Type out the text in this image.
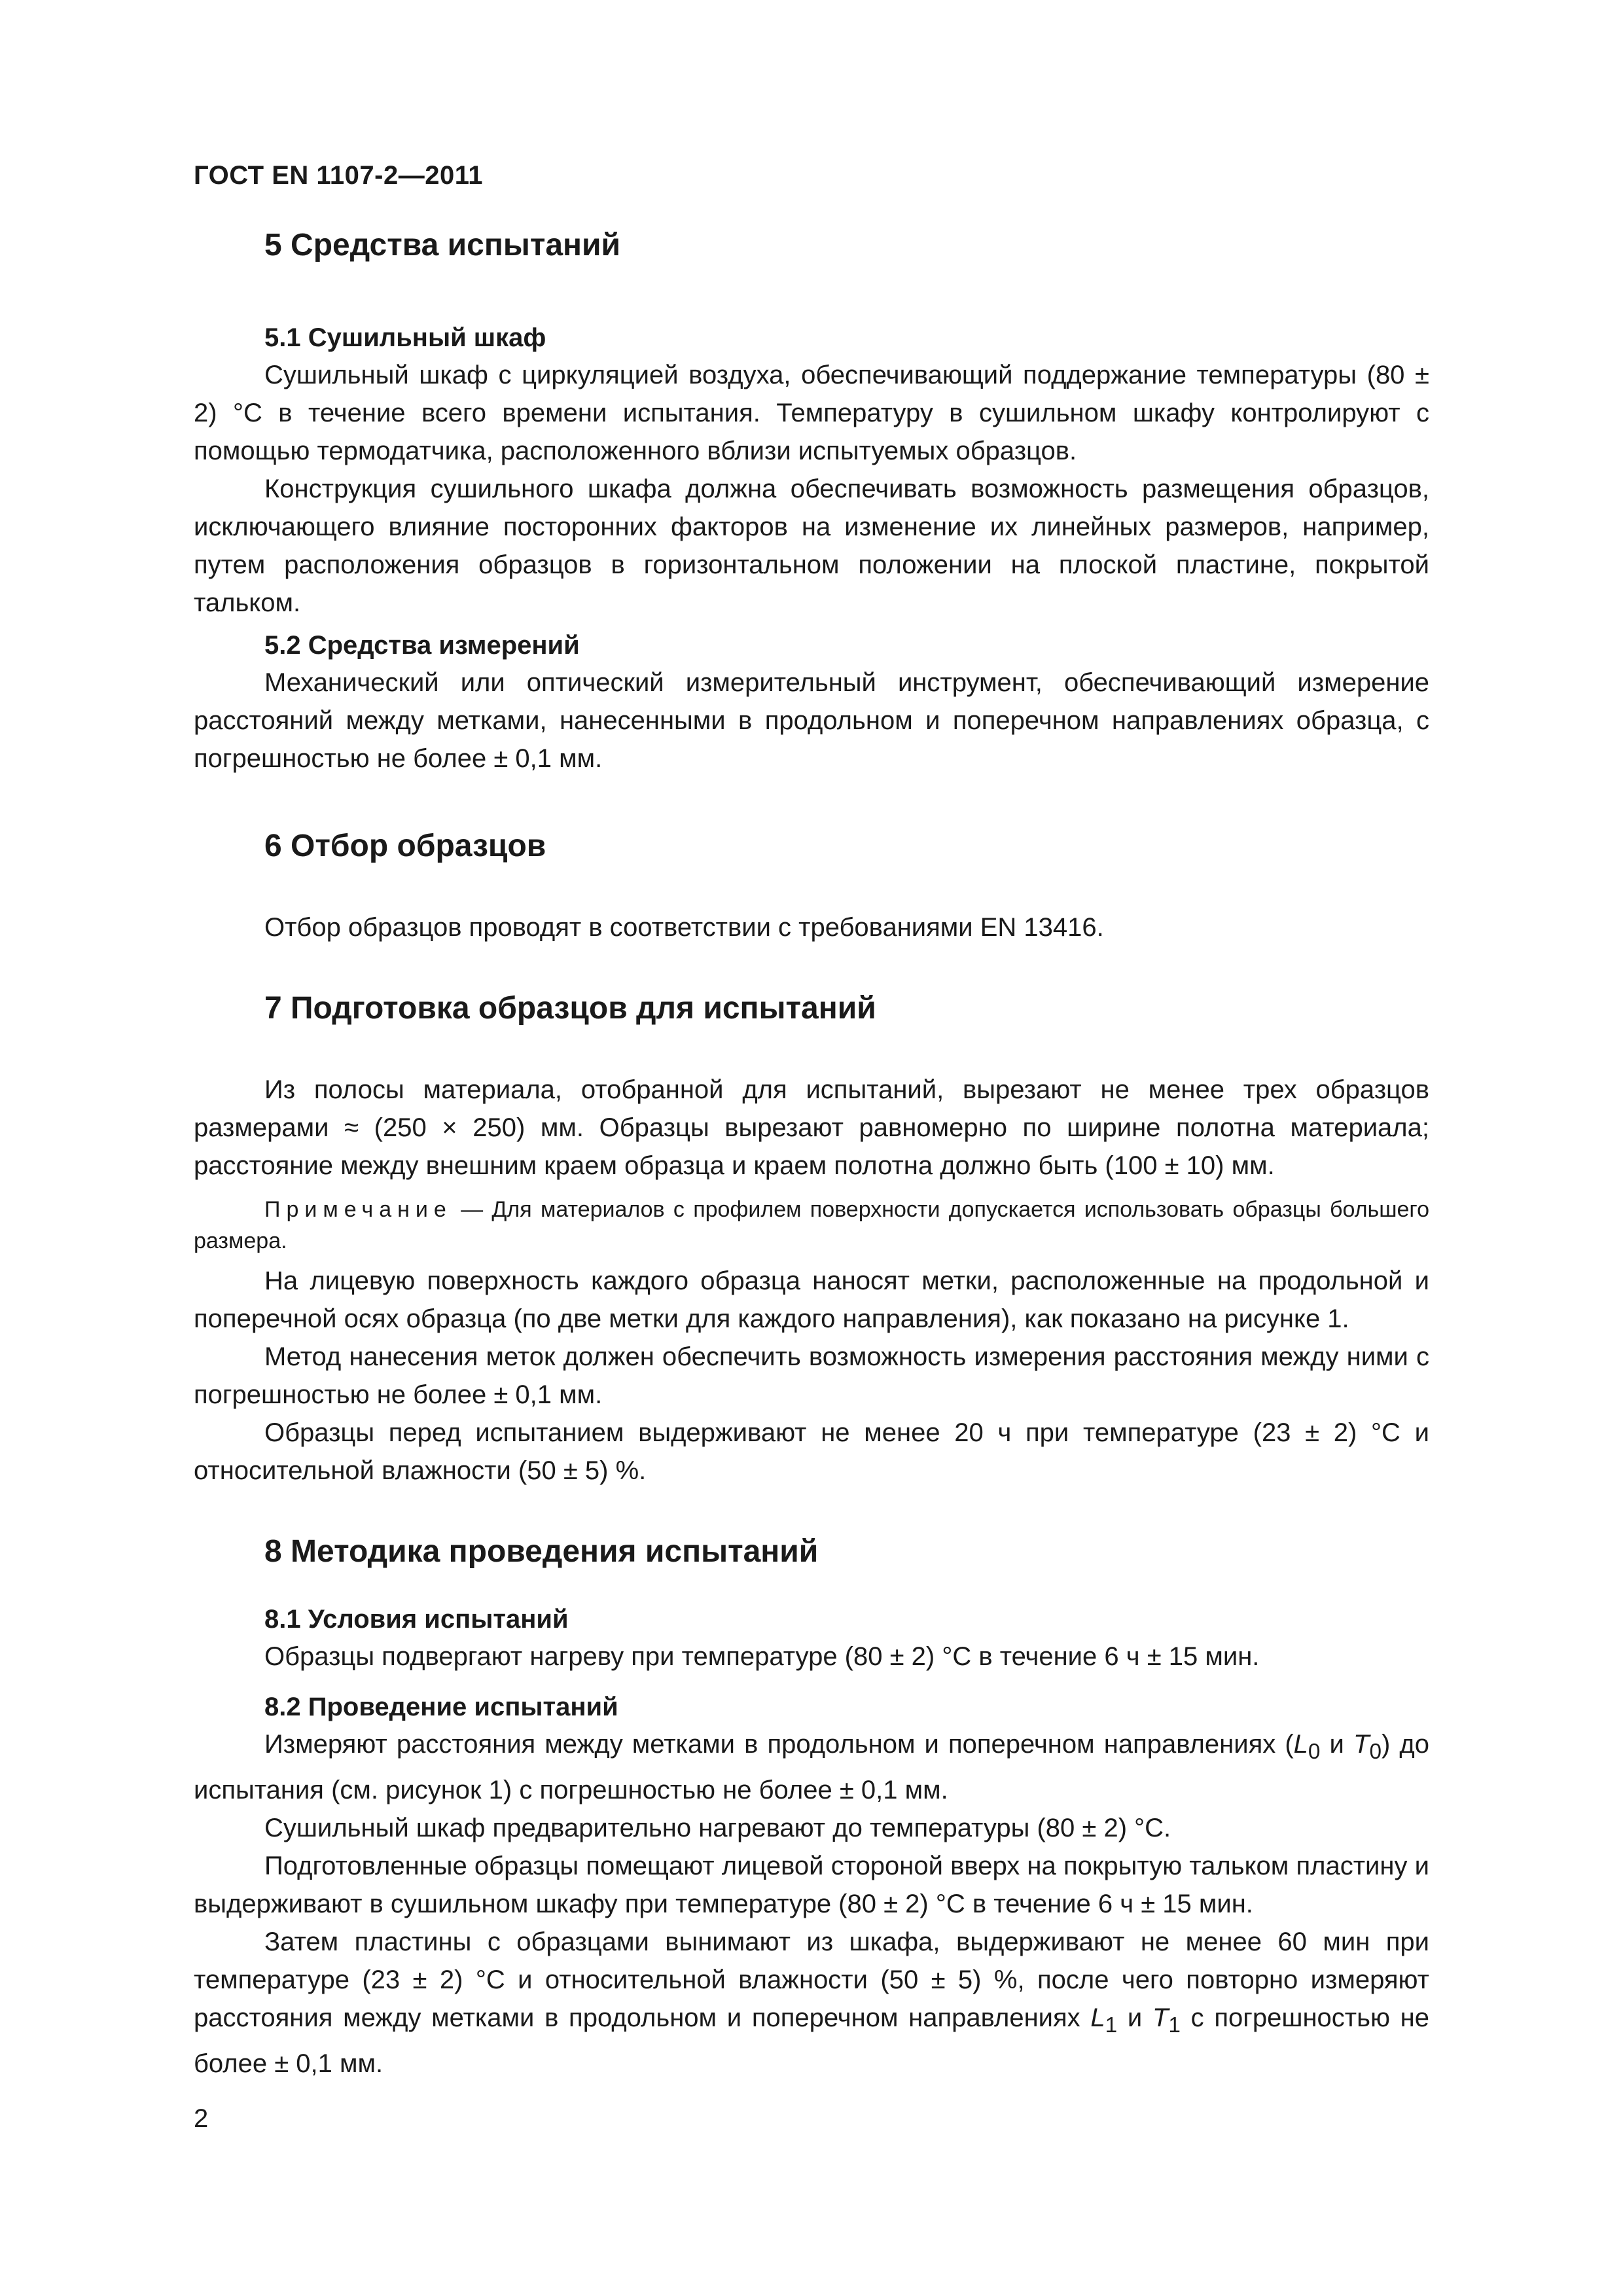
ГОСТ EN 1107-2—2011
5 Средства испытаний
5.1 Сушильный шкаф

Сушильный шкаф с циркуляцией воздуха, обеспечивающий поддержание температуры (80 ± 2) °С в течение всего времени испытания. Температуру в сушильном шкафу контролируют с помощью термодатчика, расположенного вблизи испытуемых образцов.

Конструкция сушильного шкафа должна обеспечивать возможность размещения образцов, исключающего влияние посторонних факторов на изменение их линейных размеров, например, путем расположения образцов в горизонтальном положении на плоской пластине, покрытой тальком.

5.2 Средства измерений

Механический или оптический измерительный инструмент, обеспечивающий измерение расстояний между метками, нанесенными в продольном и поперечном направлениях образца, с погрешностью не более ± 0,1 мм.

6 Отбор образцов

Отбор образцов проводят в соответствии с требованиями EN 13416.

7 Подготовка образцов для испытаний

Из полосы материала, отобранной для испытаний, вырезают не менее трех образцов размерами ≈ (250 × 250) мм. Образцы вырезают равномерно по ширине полотна материала; расстояние между внешним краем образца и краем полотна должно быть (100 ± 10) мм.

Примечание — Для материалов с профилем поверхности допускается использовать образцы большего размера.

На лицевую поверхность каждого образца наносят метки, расположенные на продольной и поперечной осях образца (по две метки для каждого направления), как показано на рисунке 1.

Метод нанесения меток должен обеспечить возможность измерения расстояния между ними с погрешностью не более ± 0,1 мм.

Образцы перед испытанием выдерживают не менее 20 ч при температуре (23 ± 2) °С и относительной влажности (50 ± 5) %.

8 Методика проведения испытаний
8.1 Условия испытаний

Образцы подвергают нагреву при температуре (80 ± 2) °С в течение 6 ч ± 15 мин.

8.2 Проведение испытаний

Измеряют расстояния между метками в продольном и поперечном направлениях ($L_0$ и $T_0$) до испытания (см. рисунок 1) с погрешностью не более ± 0,1 мм.

Сушильный шкаф предварительно нагревают до температуры (80 ± 2) °С.

Подготовленные образцы помещают лицевой стороной вверх на покрытую тальком пластину и выдерживают в сушильном шкафу при температуре (80 ± 2) °С в течение 6 ч ± 15 мин.

Затем пластины с образцами вынимают из шкафа, выдерживают не менее 60 мин при температуре (23 ± 2) °С и относительной влажности (50 ± 5) %, после чего повторно измеряют расстояния между метками в продольном и поперечном направлениях $L_1$ и $T_1$ с погрешностью не более ± 0,1 мм.

2
